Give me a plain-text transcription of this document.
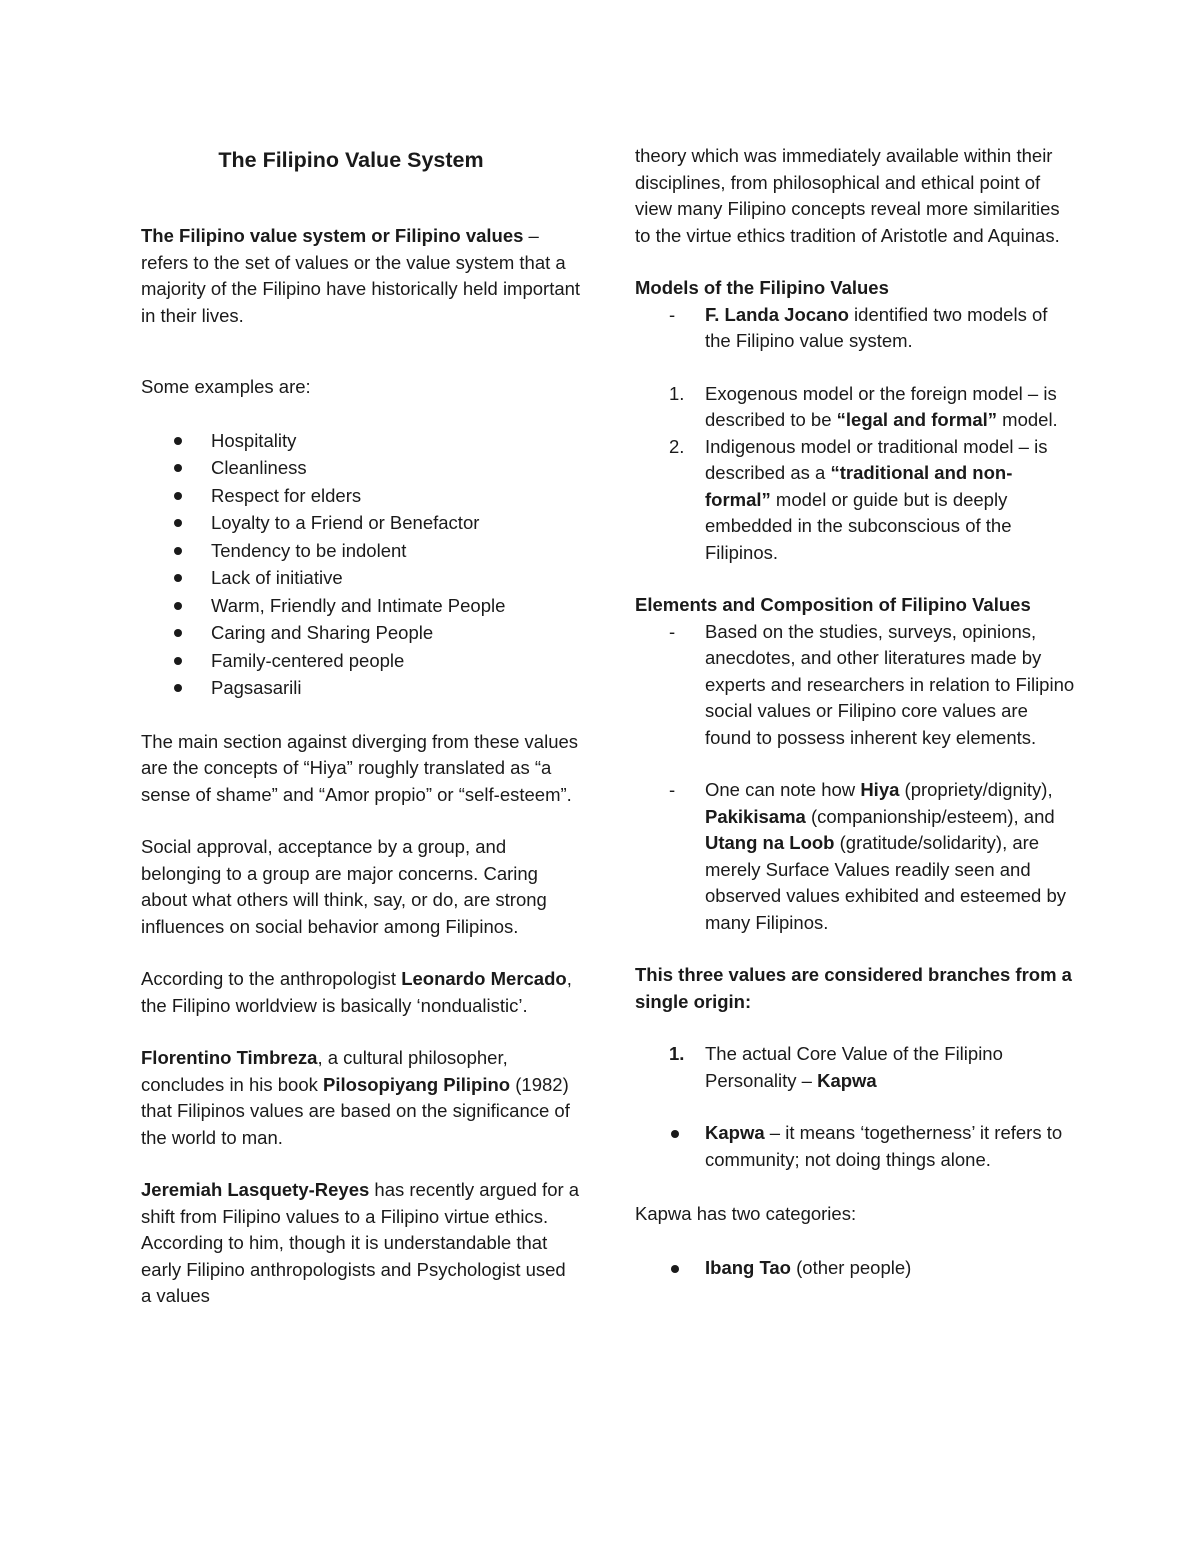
The Filipino Value System

The Filipino value system or Filipino values – refers to the set of values or the value system that a majority of the Filipino have historically held important in their lives.

Some examples are:

Hospitality
Cleanliness
Respect for elders
Loyalty to a Friend or Benefactor
Tendency to be indolent
Lack of initiative
Warm, Friendly and Intimate People
Caring and Sharing People
Family-centered people
Pagsasarili

The main section against diverging from these values are the concepts of “Hiya” roughly translated as “a sense of shame” and “Amor propio” or “self-esteem”.

Social approval, acceptance by a group, and belonging to a group are major concerns. Caring about what others will think, say, or do, are strong influences on social behavior among Filipinos.

According to the anthropologist Leonardo Mercado, the Filipino worldview is basically ‘nondualistic’.

Florentino Timbreza, a cultural philosopher, concludes in his book Pilosopiyang Pilipino (1982) that Filipinos values are based on the significance of the world to man.

Jeremiah Lasquety-Reyes has recently argued for a shift from Filipino values to a Filipino virtue ethics. According to him, though it is understandable that early Filipino anthropologists and Psychologist used a values

theory which was immediately available within their disciplines, from philosophical and ethical point of view many Filipino concepts reveal more similarities to the virtue ethics tradition of Aristotle and Aquinas.

Models of the Filipino Values

- F. Landa Jocano identified two models of the Filipino value system.
1. Exogenous model or the foreign model – is described to be “legal and formal” model.
2. Indigenous model or traditional model – is described as a “traditional and non-formal” model or guide but is deeply embedded in the subconscious of the Filipinos.

Elements and Composition of Filipino Values

- Based on the studies, surveys, opinions, anecdotes, and other literatures made by experts and researchers in relation to Filipino social values or Filipino core values are found to possess inherent key elements.
- One can note how Hiya (propriety/dignity), Pakikisama (companionship/esteem), and Utang na Loob (gratitude/solidarity), are merely Surface Values readily seen and observed values exhibited and esteemed by many Filipinos.

This three values are considered branches from a single origin:

1. The actual Core Value of the Filipino Personality – Kapwa
Kapwa – it means ‘togetherness’ it refers to community; not doing things alone.

Kapwa has two categories:

Ibang Tao (other people)
